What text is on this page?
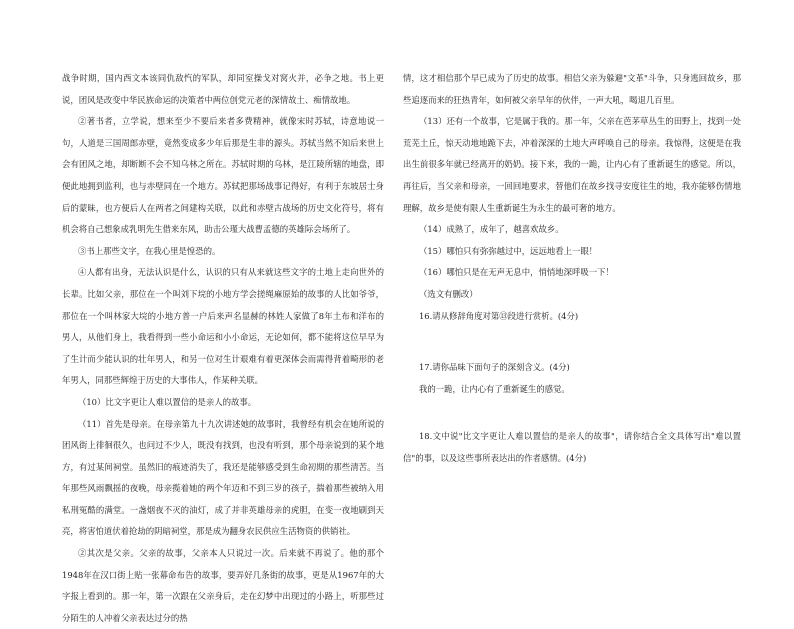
战争时期，国内西文本该同仇敌忾的军队，却同室操戈对窝火并，必争之地。书上更说，团风是改变中华民族命运的决策者中两位创党元老的深情故土、痴情故地。

②著书者，立学说，想来至少不要后来者多费精神，就像宋时苏轼，诗意地说一句，人道是三国周郎赤壁，竟然变成多少年后那是生非的源头。苏轼当然不知后来世上会有团风之地，却断断不会不知乌林之所在。苏轼时期的乌林，是江陵所辖的地盘，即便此地拥到监利，也与赤壁同在一个地方。苏轼把那场战事记得好，有利于东坡居士身后的蒙昧，也方便后人在两者之间建构关联，以此和赤壁古战场的历史文化符号，将有机会将自己想象成乳明先生借来东风，助击公瑾大战曹孟德的英雄际会场所了。

③书上那些文字，在我心里是惶恐的。

④人都有出身，无法认识是什么，认识的只有从来就这些文字的土地上走向世外的长辈。比如父亲，那位在一个叫刘下垸的小地方学会搓绳麻原始的故事的人比如爷爷，那位在一个叫林家大垸的小地方普一户后来声名显赫的林姓人家做了8年土布和洋布的男人，从他们身上，我看得到一些小命运和小小命运，无论如何，都不能将这位早早为了生计而少能认识的壮年男人，和另一位对生计艰难有着更深体会而需得背着畸形的老年男人，同那些辉煌于历史的大事伟人，作某种关联。

（10）比文字更让人难以置信的是亲人的故事。

（11）首先是母亲。在母亲第九十九次讲述她的故事时，我曾经有机会在她所说的团风街上徘徊很久，也问过不少人，既没有找到，也没有听到，那个母亲说到的某个地方，有过某间祠堂。虽然旧的痕迹消失了，我还是能够感受到生命初期的那些清苦。当年那些风雨飘摇的夜晚，母亲揽着她的两个年迈和不到三岁的孩子，揣着那些被纳入用私刑冤酷的满堂。一盏烟夜不灭的油灯，成了并非英雄母亲的虎胆，在变一夜地刷到天亮，将害怕道伏着抢劫的阴暗祠堂，那是成为翻身农民供应生活物资的供销社。

②其次是父亲。父亲的故事，父亲本人只说过一次。后来就不再说了。他的那个1948年在汉口街上贴一张幕命布告的故事，要弄好几条街的故事，更是从1967年的大字报上看到的。那一年，第一次跟在父亲身后，走在幻梦中出现过的小路上，听那些过分陌生的人冲着父亲表达过分的热

情，这才相信那个早已成为了历史的故事。相信父亲为躲避"文革"斗争，只身逃回故乡，那些追逐而来的狂热青年，如何被父亲早年的伙伴，一声大吼，喝退几百里。

（13）还有一个故事，它是属于我的。那一年，父亲在芭茅草丛生的田野上，找到一处荒芜土丘，惊天动地地跪下去，冲着深深的土地大声呼唤自己的母亲。我惊得，这便是在我出生前很多年就已经离开的奶奶。接下来，我的一跪，让内心有了重新诞生的感觉。所以，再往后，当父亲和母亲，一回回地要求，替他们在故乡找寻安度往生的地，我亦能够伤情地理解，故乡是使有限人生重新诞生为永生的最可奢的地方。

（14）成熟了，成年了，越喜欢故乡。

（15）哪怕只有弥弥越过中，远远地看上一眼！

（16）哪怕只是在无声无息中，悄悄地深呼吸一下！

（选文有删改）

16.请从修辞角度对第⑬段进行赏析。(4分)

17.请你品味下面句子的深刻含义。(4分)

我的一跪，让内心有了重新诞生的感觉。

18.文中说"比文字更让人难以置信的是亲人的故事"，请你结合全文具体写出"难以置信"的事，以及这些事所表达出的作者感情。(4分)
